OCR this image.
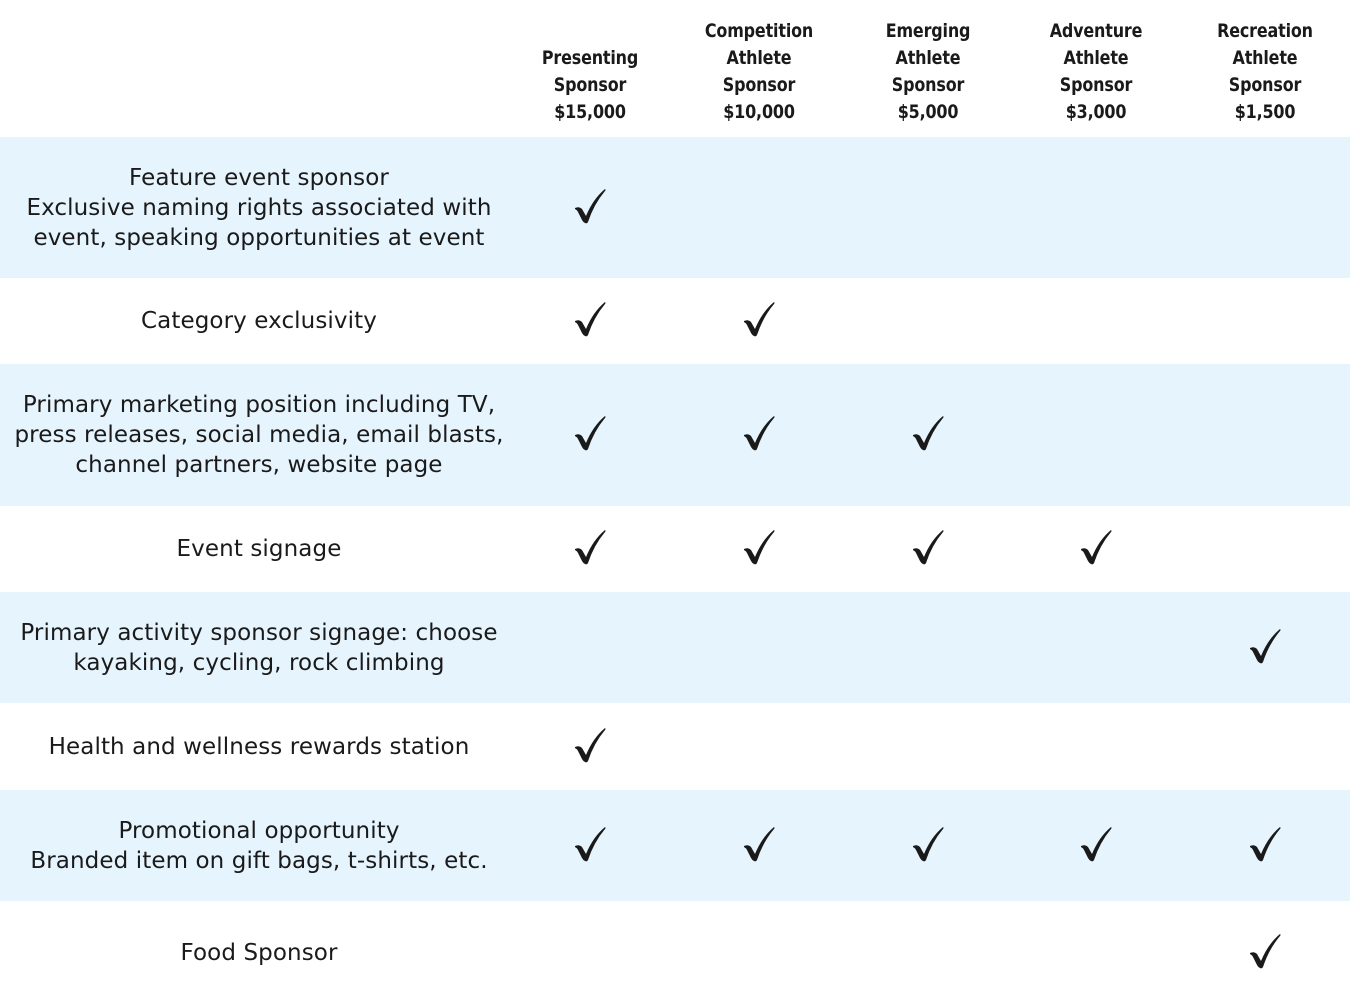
Presenting
Sponsor
$15,000
Competition
Athlete
Sponsor
$10,000
Emerging
Athlete
Sponsor
$5,000
Adventure
Athlete
Sponsor
$3,000
Recreation
Athlete
Sponsor
$1,500
Feature event sponsor
Exclusive naming rights associated with
event, speaking opportunities at event
Category exclusivity
Primary marketing position including TV,
press releases, social media, email blasts,
channel partners, website page
Event signage
Primary activity sponsor signage: choose
kayaking, cycling, rock climbing
Health and wellness rewards station
Promotional opportunity
Branded item on gift bags, t-shirts, etc.
Food Sponsor
